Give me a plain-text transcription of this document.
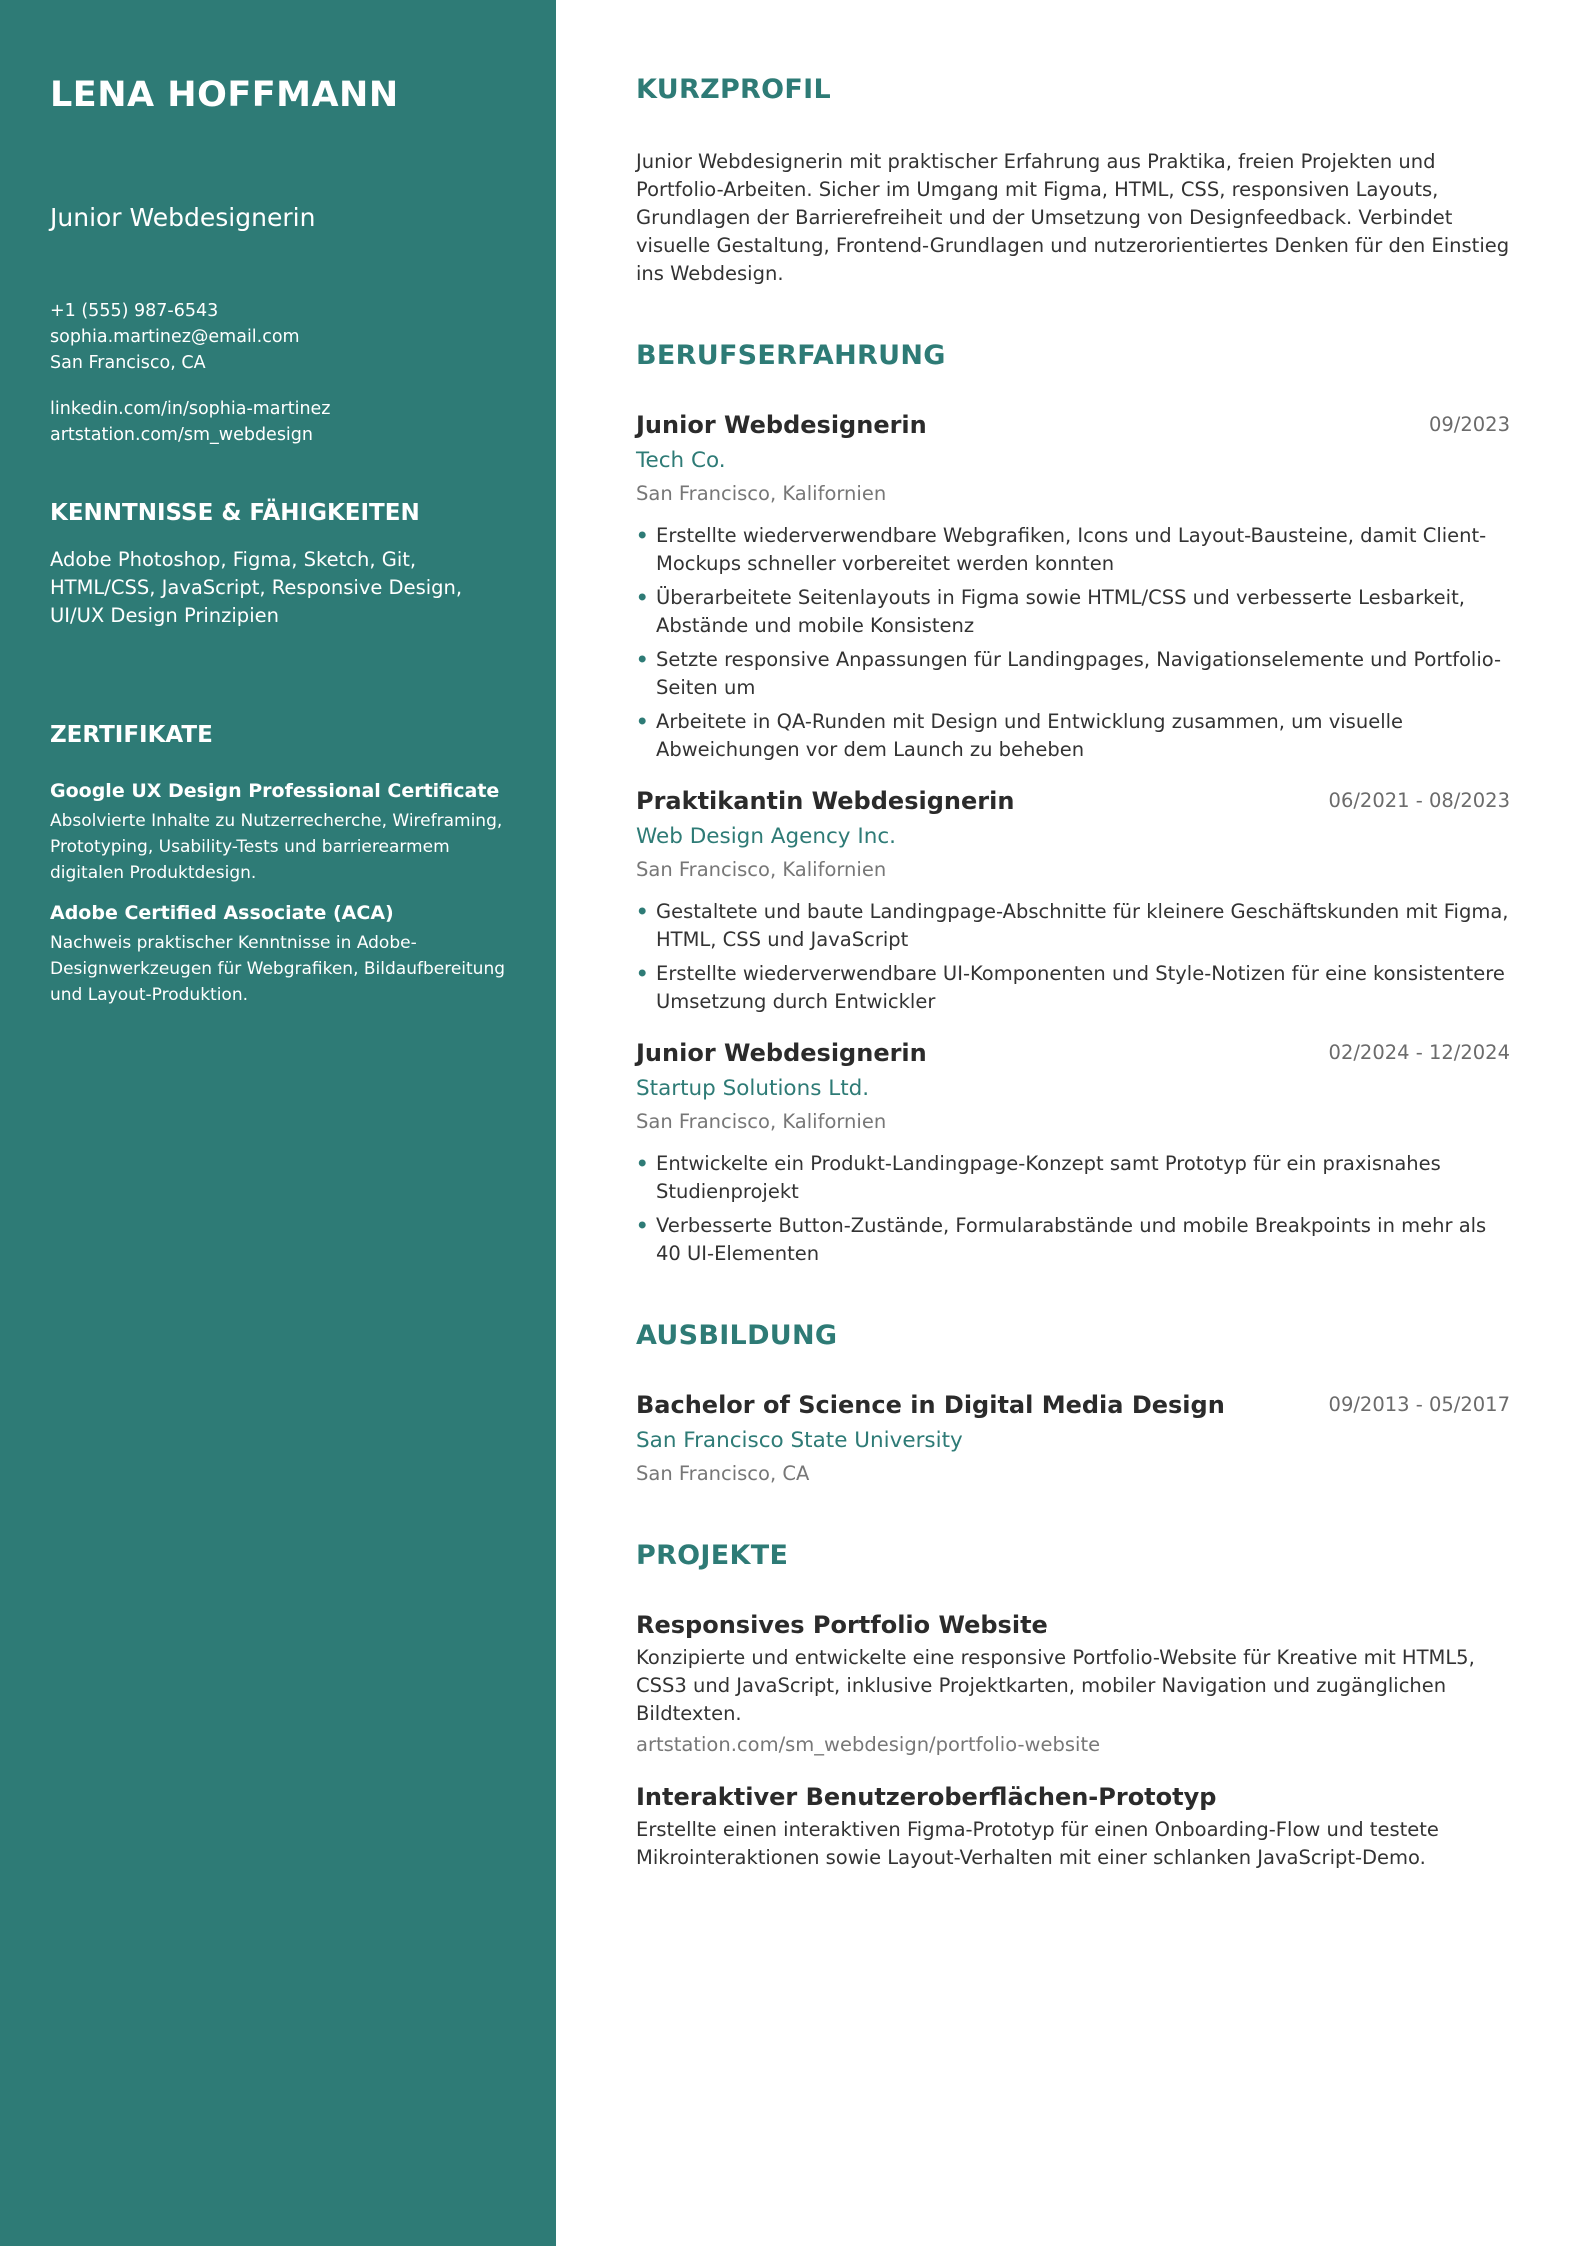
LENA HOFFMANN
Junior Webdesignerin
+1 (555) 987-6543
sophia.martinez@email.com
San Francisco, CA
linkedin.com/in/sophia-martinez
artstation.com/sm_webdesign
KENNTNISSE & FÄHIGKEITEN
Adobe Photoshop, Figma, Sketch, Git, HTML/CSS, JavaScript, Responsive Design, UI/UX Design Prinzipien
ZERTIFIKATE
Google UX Design Professional Certificate
Absolvierte Inhalte zu Nutzerrecherche, Wireframing, Prototyping, Usability-Tests und barrierearmem digitalen Produktdesign.
Adobe Certified Associate (ACA)
Nachweis praktischer Kenntnisse in Adobe-Designwerkzeugen für Webgrafiken, Bildaufbereitung und Layout-Produktion.
KURZPROFIL
Junior Webdesignerin mit praktischer Erfahrung aus Praktika, freien Projekten und Portfolio-Arbeiten. Sicher im Umgang mit Figma, HTML, CSS, responsiven Layouts, Grundlagen der Barrierefreiheit und der Umsetzung von Designfeedback. Verbindet visuelle Gestaltung, Frontend-Grundlagen und nutzerorientiertes Denken für den Einstieg ins Webdesign.
BERUFSERFAHRUNG
Junior Webdesignerin	09/2023
Tech Co.
San Francisco, Kalifornien
• Erstellte wiederverwendbare Webgrafiken, Icons und Layout-Bausteine, damit Client-Mockups schneller vorbereitet werden konnten
• Überarbeitete Seitenlayouts in Figma sowie HTML/CSS und verbesserte Lesbarkeit, Abstände und mobile Konsistenz
• Setzte responsive Anpassungen für Landingpages, Navigationselemente und Portfolio-Seiten um
• Arbeitete in QA-Runden mit Design und Entwicklung zusammen, um visuelle Abweichungen vor dem Launch zu beheben
Praktikantin Webdesignerin	06/2021 - 08/2023
Web Design Agency Inc.
San Francisco, Kalifornien
• Gestaltete und baute Landingpage-Abschnitte für kleinere Geschäftskunden mit Figma, HTML, CSS und JavaScript
• Erstellte wiederverwendbare UI-Komponenten und Style-Notizen für eine konsistentere Umsetzung durch Entwickler
Junior Webdesignerin	02/2024 - 12/2024
Startup Solutions Ltd.
San Francisco, Kalifornien
• Entwickelte ein Produkt-Landingpage-Konzept samt Prototyp für ein praxisnahes Studienprojekt
• Verbesserte Button-Zustände, Formularabstände und mobile Breakpoints in mehr als 40 UI-Elementen
AUSBILDUNG
Bachelor of Science in Digital Media Design	09/2013 - 05/2017
San Francisco State University
San Francisco, CA
PROJEKTE
Responsives Portfolio Website
Konzipierte und entwickelte eine responsive Portfolio-Website für Kreative mit HTML5, CSS3 und JavaScript, inklusive Projektkarten, mobiler Navigation und zugänglichen Bildtexten.
artstation.com/sm_webdesign/portfolio-website
Interaktiver Benutzeroberflächen-Prototyp
Erstellte einen interaktiven Figma-Prototyp für einen Onboarding-Flow und testete Mikrointeraktionen sowie Layout-Verhalten mit einer schlanken JavaScript-Demo.
